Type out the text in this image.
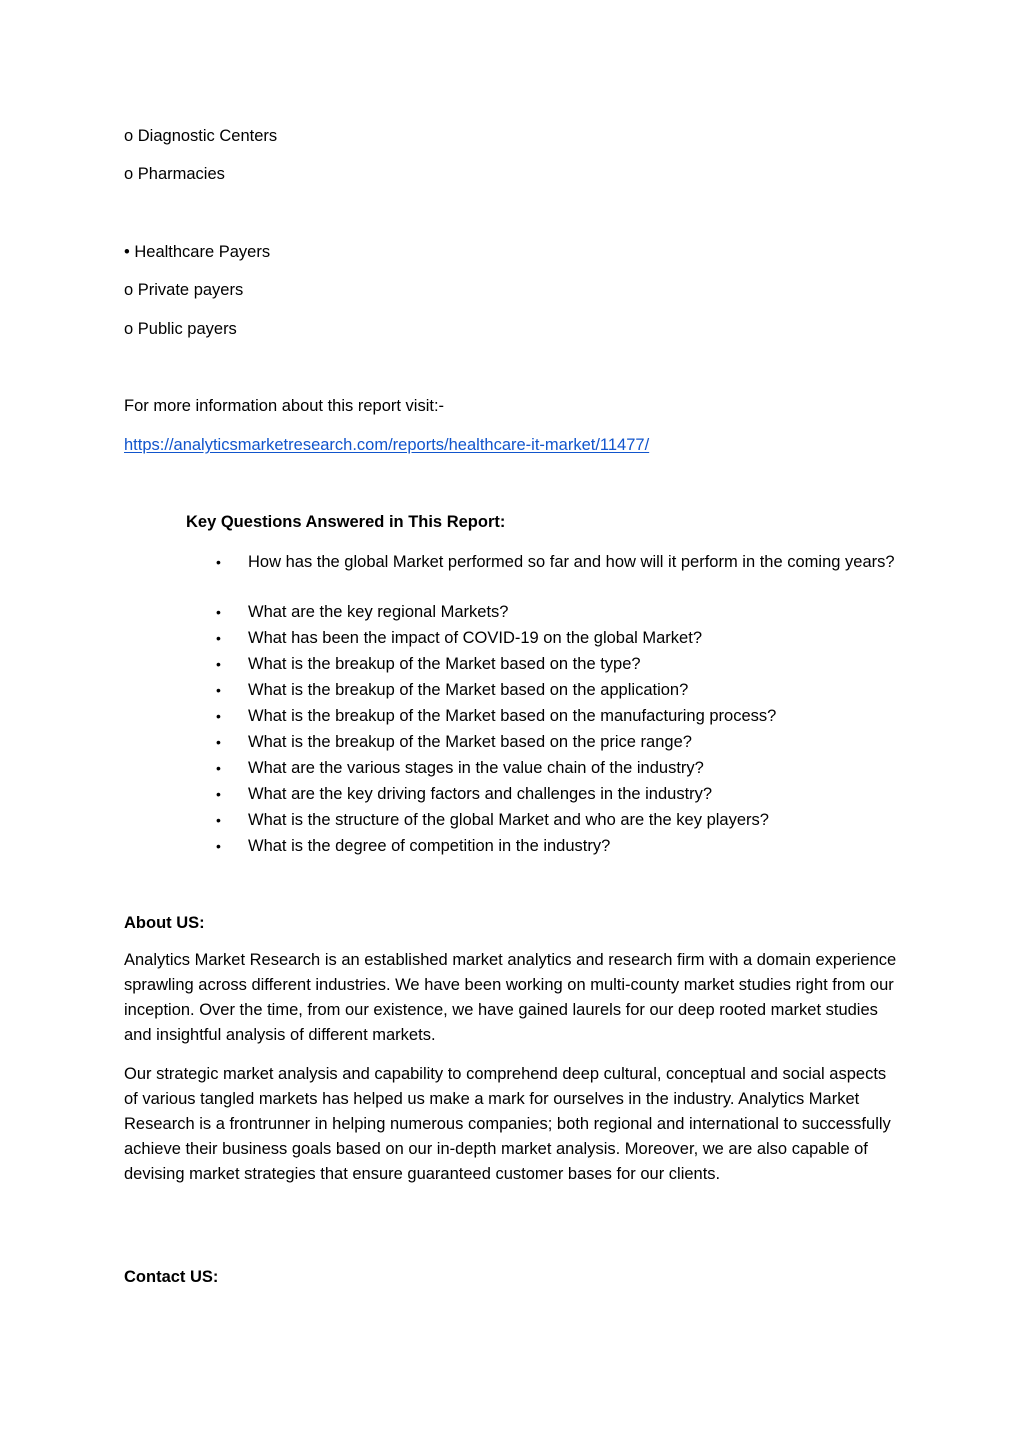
o Diagnostic Centers
o Pharmacies
• Healthcare Payers
o Private payers
o Public payers
For more information about this report visit:-
https://analyticsmarketresearch.com/reports/healthcare-it-market/11477/
Key Questions Answered in This Report:
• How has the global Market performed so far and how will it perform in the coming years?
• What are the key regional Markets?
• What has been the impact of COVID-19 on the global Market?
• What is the breakup of the Market based on the type?
• What is the breakup of the Market based on the application?
• What is the breakup of the Market based on the manufacturing process?
• What is the breakup of the Market based on the price range?
• What are the various stages in the value chain of the industry?
• What are the key driving factors and challenges in the industry?
• What is the structure of the global Market and who are the key players?
• What is the degree of competition in the industry?
About US:

Analytics Market Research is an established market analytics and research firm with a domain experience sprawling across different industries. We have been working on multi-county market studies right from our inception. Over the time, from our existence, we have gained laurels for our deep rooted market studies and insightful analysis of different markets.

Our strategic market analysis and capability to comprehend deep cultural, conceptual and social aspects of various tangled markets has helped us make a mark for ourselves in the industry. Analytics Market Research is a frontrunner in helping numerous companies; both regional and international to successfully achieve their business goals based on our in-depth market analysis. Moreover, we are also capable of devising market strategies that ensure guaranteed customer bases for our clients.

Contact US:
